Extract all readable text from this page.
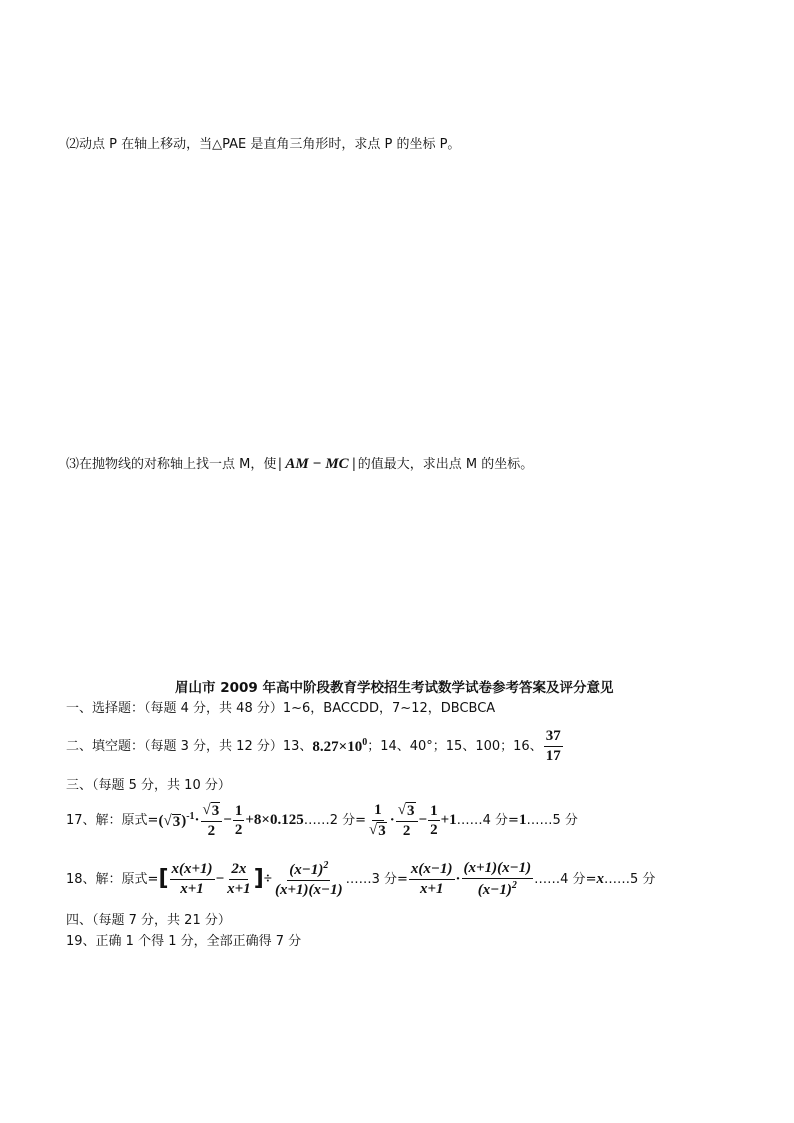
⑵动点 P 在轴上移动，当△PAE 是直角三角形时，求点 P 的坐标 P。
⑶在抛物线的对称轴上找一点 M，使 | AM − MC | 的值最大，求出点 M 的坐标。
眉山市 2009 年高中阶段教育学校招生考试数学试卷参考答案及评分意见
一、选择题：（每题 4 分，共 48 分）1~6，BACCDD，7~12，DBCBCA
二、填空题：（每题 3 分，共 12 分）13、 $8.27\times 10^0$ ；14、40°；15、100；16、 $\frac{37}{17}$
三、（每题 5 分，共 10 分）
17、解：原式 = ( √ 3 )$^{-1} \cdot \frac{√ 3}{2} - \frac{1}{2} +8\times 0.125$ ……2 分 = $\frac{1}{√ 3} \cdot \frac{√ 3}{2} - \frac{1}{2} +1$ ……4 分 = 1 ……5 分
18、解：原式 = [ $\frac{x(x+1)}{x+1} - \frac{2x}{x+1}$ ] ÷ $\frac{(x-1)^2}{(x+1)(x-1)}$ ……3 分 = $\frac{x(x-1)}{x+1} \cdot \frac{(x+1)(x-1)}{(x-1)^2}$ ……4 分 = x ……5 分
四、（每题 7 分，共 21 分）
19、正确 1 个得 1 分，全部正确得 7 分
